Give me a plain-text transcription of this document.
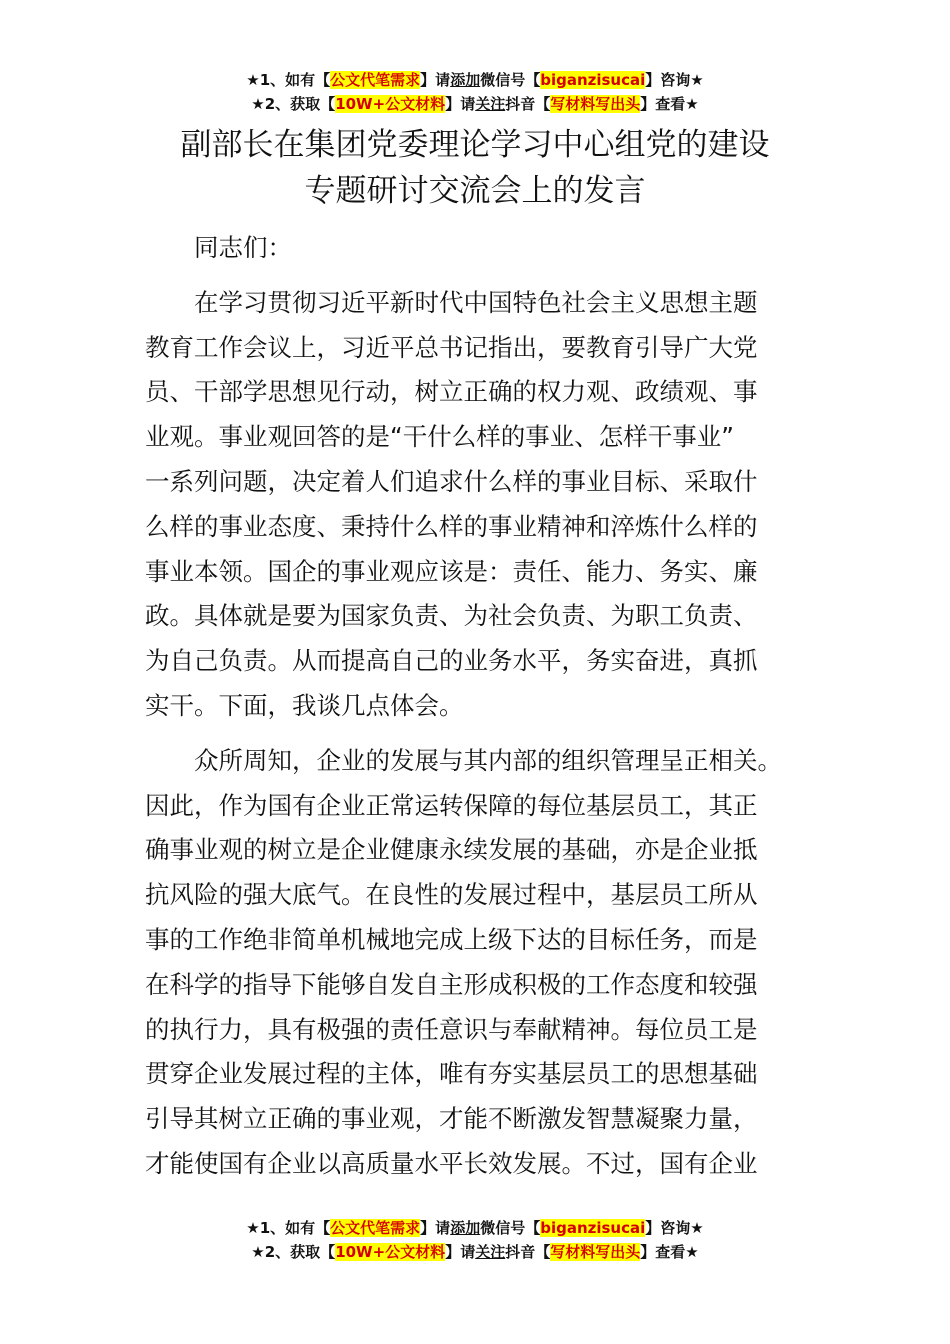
★1、如有【公文代笔需求】请添加微信号【biganzisucai】咨询★
★2、获取【10W+公文材料】请关注抖音【写材料写出头】查看★
副部长在集团党委理论学习中心组党的建设
专题研讨交流会上的发言
同志们：
在学习贯彻习近平新时代中国特色社会主义思想主题
教育工作会议上，习近平总书记指出，要教育引导广大党
员、干部学思想见行动，树立正确的权力观、政绩观、事
业观。事业观回答的是“干什么样的事业、怎样干事业”
一系列问题，决定着人们追求什么样的事业目标、采取什
么样的事业态度、秉持什么样的事业精神和淬炼什么样的
事业本领。国企的事业观应该是：责任、能力、务实、廉
政。具体就是要为国家负责、为社会负责、为职工负责、
为自己负责。从而提高自己的业务水平，务实奋进，真抓
实干。下面，我谈几点体会。
众所周知，企业的发展与其内部的组织管理呈正相关。
因此，作为国有企业正常运转保障的每位基层员工，其正
确事业观的树立是企业健康永续发展的基础，亦是企业抵
抗风险的强大底气。在良性的发展过程中，基层员工所从
事的工作绝非简单机械地完成上级下达的目标任务，而是
在科学的指导下能够自发自主形成积极的工作态度和较强
的执行力，具有极强的责任意识与奉献精神。每位员工是
贯穿企业发展过程的主体，唯有夯实基层员工的思想基础
引导其树立正确的事业观，才能不断激发智慧凝聚力量，
才能使国有企业以高质量水平长效发展。不过，国有企业
★1、如有【公文代笔需求】请添加微信号【biganzisucai】咨询★
★2、获取【10W+公文材料】请关注抖音【写材料写出头】查看★
